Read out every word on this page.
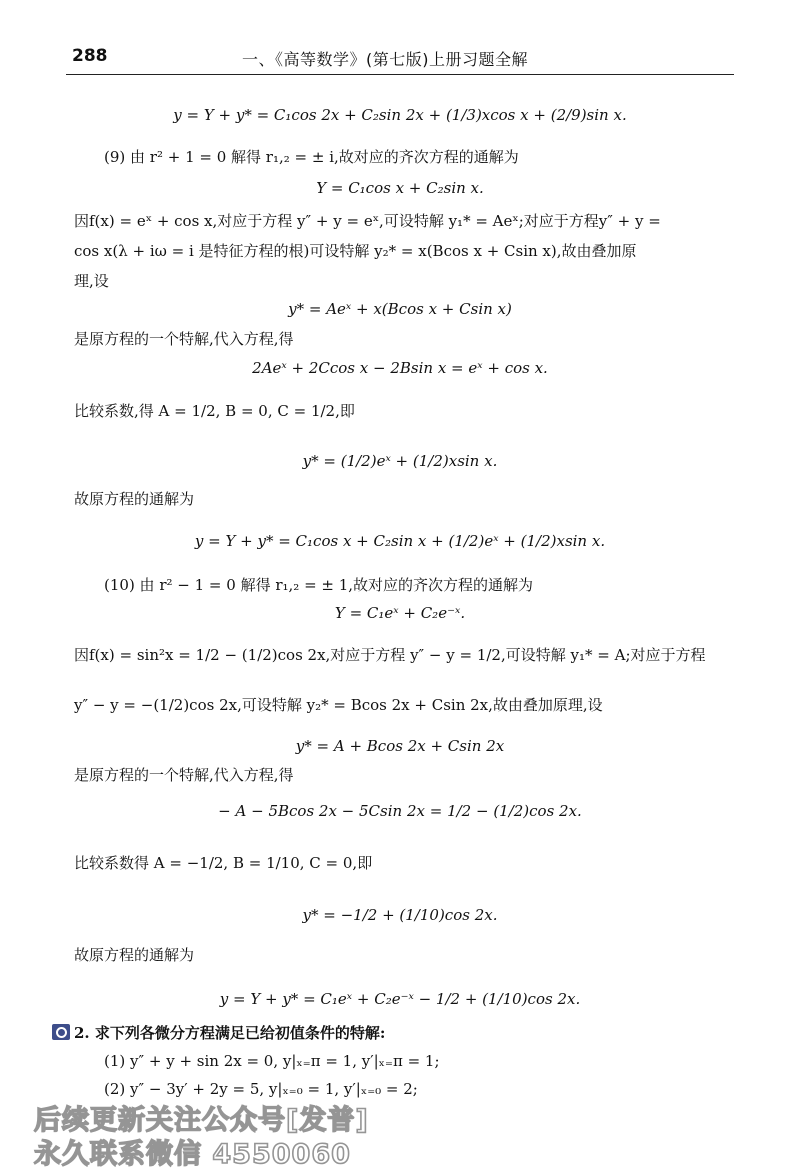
288	一、《高等数学》(第七版)上册习题全解
y = Y + y* = C₁cos 2x + C₂sin 2x + (1/3)xcos x + (2/9)sin x.
(9) 由 r² + 1 = 0 解得 r₁,₂ = ± i,故对应的齐次方程的通解为
Y = C₁cos x + C₂sin x.
因f(x) = eˣ + cos x,对应于方程 y″ + y = eˣ,可设特解 y₁* = Aeˣ;对应于方程y″ + y =
cos x(λ + iω = i 是特征方程的根)可设特解 y₂* = x(Bcos x + Csin x),故由叠加原
理,设
y* = Aeˣ + x(Bcos x + Csin x)
是原方程的一个特解,代入方程,得
2Aeˣ + 2Ccos x − 2Bsin x = eˣ + cos x.
比较系数,得 A = 1/2, B = 0, C = 1/2,即
y* = (1/2)eˣ + (1/2)xsin x.
故原方程的通解为
y = Y + y* = C₁cos x + C₂sin x + (1/2)eˣ + (1/2)xsin x.
(10) 由 r² − 1 = 0 解得 r₁,₂ = ± 1,故对应的齐次方程的通解为
Y = C₁eˣ + C₂e⁻ˣ.
因f(x) = sin²x = 1/2 − (1/2)cos 2x,对应于方程 y″ − y = 1/2,可设特解 y₁* = A;对应于方程
y″ − y = −(1/2)cos 2x,可设特解 y₂* = Bcos 2x + Csin 2x,故由叠加原理,设
y* = A + Bcos 2x + Csin 2x
是原方程的一个特解,代入方程,得
− A − 5Bcos 2x − 5Csin 2x = 1/2 − (1/2)cos 2x.
比较系数得 A = −1/2, B = 1/10, C = 0,即
y* = −1/2 + (1/10)cos 2x.
故原方程的通解为
y = Y + y* = C₁eˣ + C₂e⁻ˣ − 1/2 + (1/10)cos 2x.
2. 求下列各微分方程满足已给初值条件的特解:
(1) y″ + y + sin 2x = 0, y|ₓ₌π = 1, y′|ₓ₌π = 1;
(2) y″ − 3y′ + 2y = 5, y|ₓ₌₀ = 1, y′|ₓ₌₀ = 2;
后续更新关注公众号[发普]
永久联系微信 4550060
